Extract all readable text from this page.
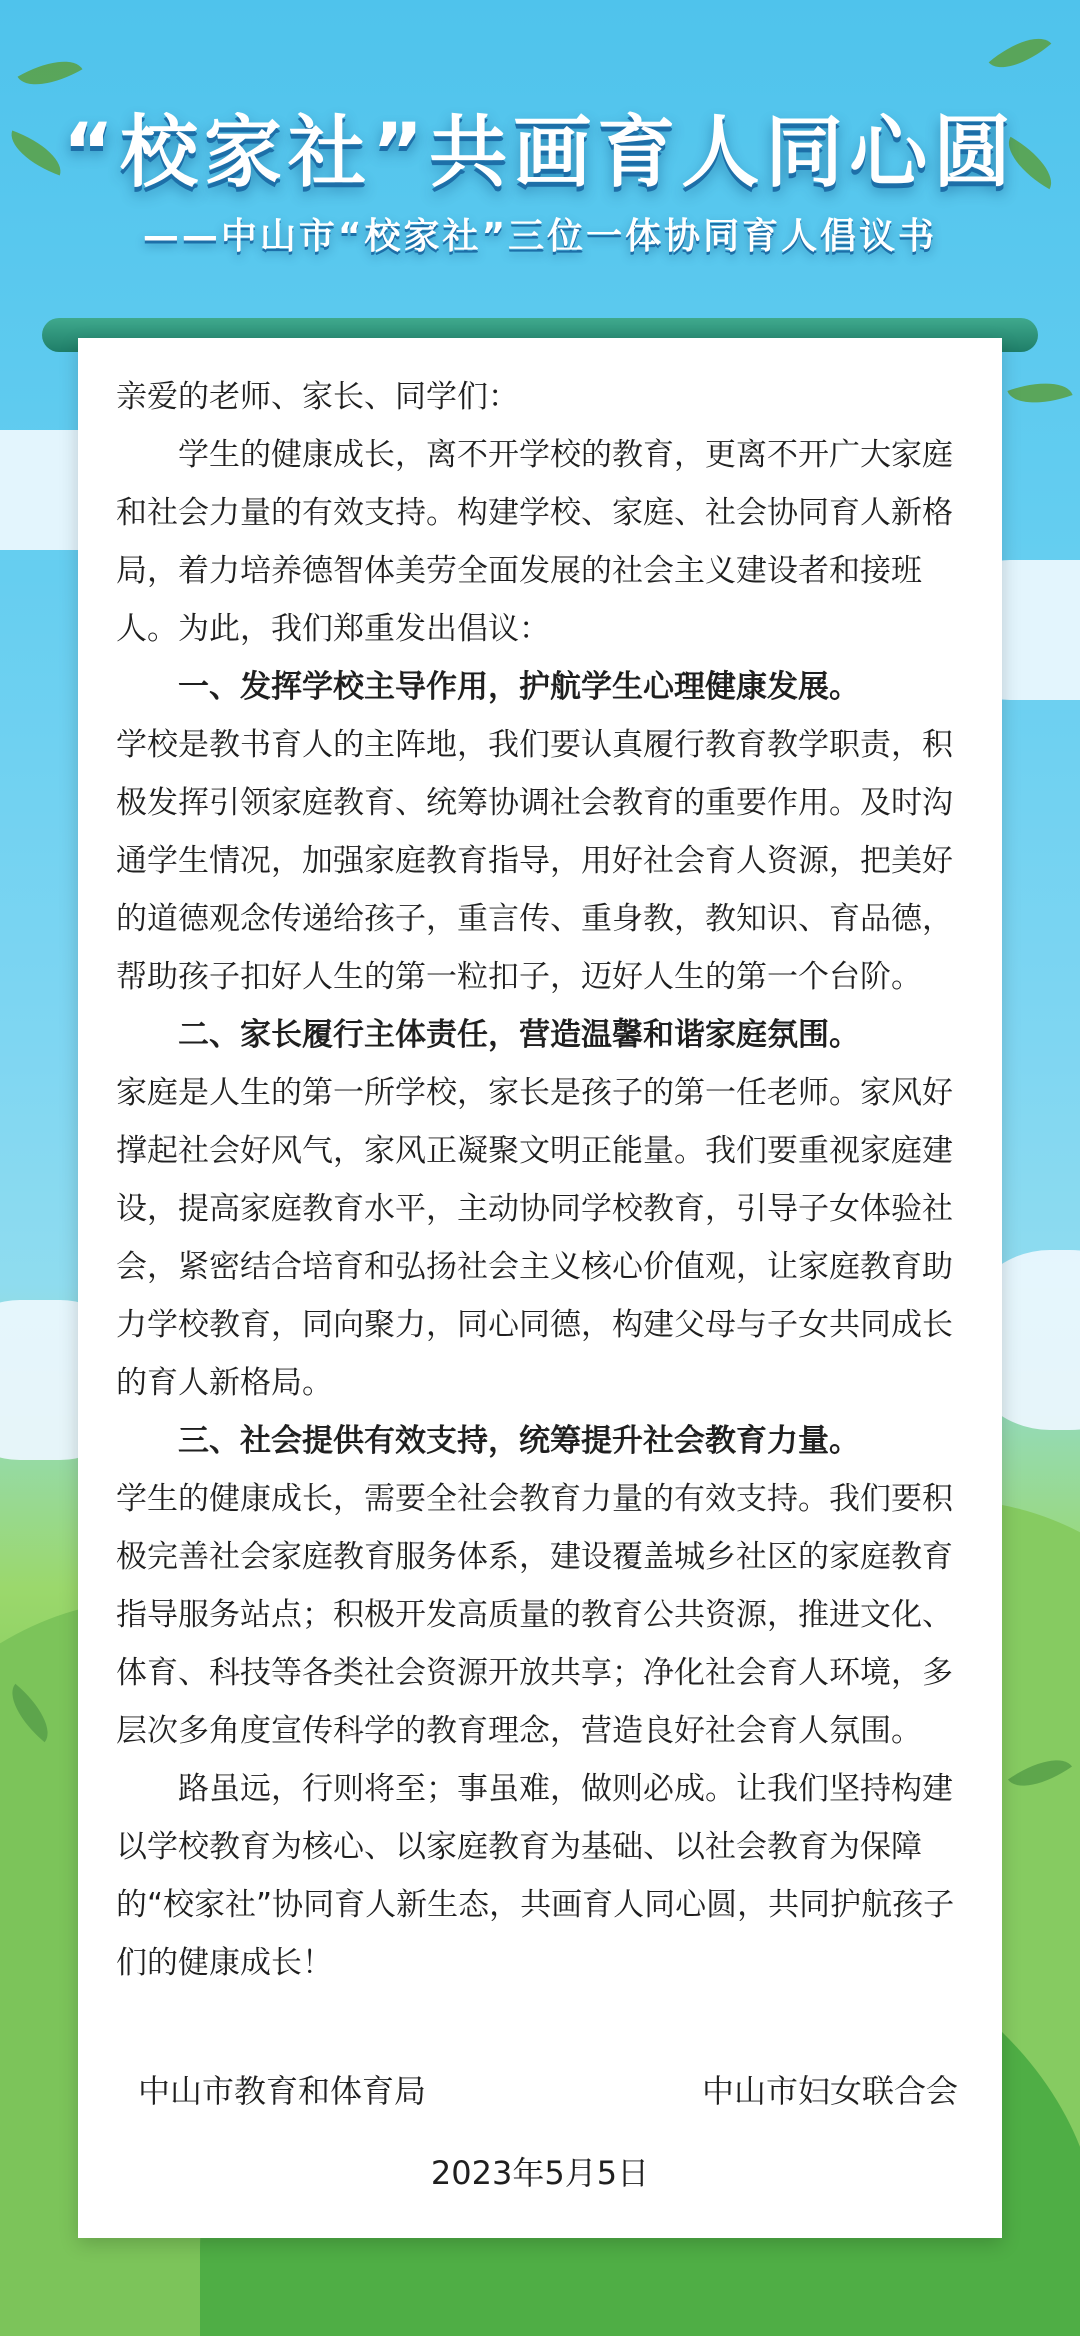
“校家社”共画育人同心圆
——中山市“校家社”三位一体协同育人倡议书

亲爱的老师、家长、同学们：

学生的健康成长，离不开学校的教育，更离不开广大家庭和社会力量的有效支持。构建学校、家庭、社会协同育人新格局，着力培养德智体美劳全面发展的社会主义建设者和接班人。为此，我们郑重发出倡议：

一、发挥学校主导作用，护航学生心理健康发展。

学校是教书育人的主阵地，我们要认真履行教育教学职责，积极发挥引领家庭教育、统筹协调社会教育的重要作用。及时沟通学生情况，加强家庭教育指导，用好社会育人资源，把美好的道德观念传递给孩子，重言传、重身教，教知识、育品德，帮助孩子扣好人生的第一粒扣子，迈好人生的第一个台阶。

二、家长履行主体责任，营造温馨和谐家庭氛围。

家庭是人生的第一所学校，家长是孩子的第一任老师。家风好撑起社会好风气，家风正凝聚文明正能量。我们要重视家庭建设，提高家庭教育水平，主动协同学校教育，引导子女体验社会，紧密结合培育和弘扬社会主义核心价值观，让家庭教育助力学校教育，同向聚力，同心同德，构建父母与子女共同成长的育人新格局。

三、社会提供有效支持，统筹提升社会教育力量。

学生的健康成长，需要全社会教育力量的有效支持。我们要积极完善社会家庭教育服务体系，建设覆盖城乡社区的家庭教育指导服务站点；积极开发高质量的教育公共资源，推进文化、体育、科技等各类社会资源开放共享；净化社会育人环境，多层次多角度宣传科学的教育理念，营造良好社会育人氛围。

路虽远，行则将至；事虽难，做则必成。让我们坚持构建以学校教育为核心、以家庭教育为基础、以社会教育为保障的“校家社”协同育人新生态，共画育人同心圆，共同护航孩子们的健康成长！

中山市教育和体育局	中山市妇女联合会
2023年5月5日
